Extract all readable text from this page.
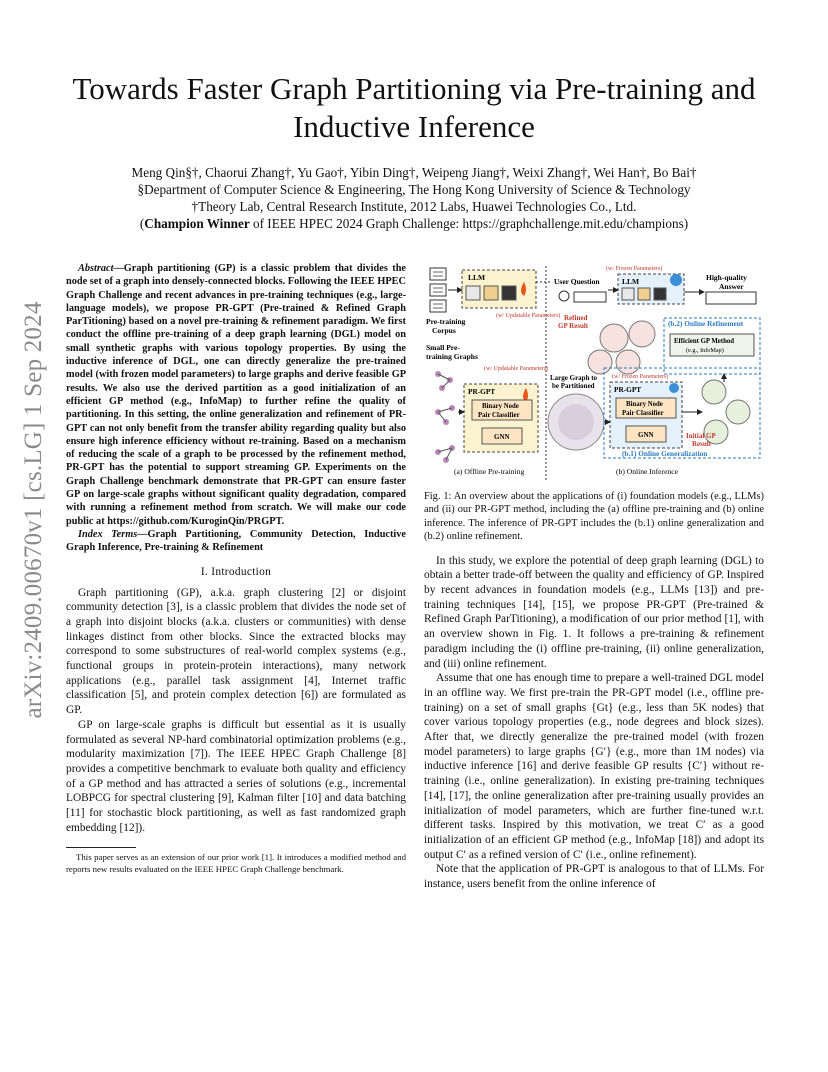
arXiv:2409.00670v1 [cs.LG] 1 Sep 2024
Towards Faster Graph Partitioning via Pre-training and Inductive Inference
Meng Qin§†, Chaorui Zhang†, Yu Gao†, Yibin Ding†, Weipeng Jiang†, Weixi Zhang†, Wei Han†, Bo Bai†
§Department of Computer Science & Engineering, The Hong Kong University of Science & Technology
†Theory Lab, Central Research Institute, 2012 Labs, Huawei Technologies Co., Ltd.
(Champion Winner of IEEE HPEC 2024 Graph Challenge: https://graphchallenge.mit.edu/champions)

Abstract—Graph partitioning (GP) is a classic problem that divides the node set of a graph into densely-connected blocks. Following the IEEE HPEC Graph Challenge and recent advances in pre-training techniques (e.g., large-language models), we propose PR-GPT (Pre-trained & Refined Graph ParTitioning) based on a novel pre-training & refinement paradigm. We first conduct the offline pre-training of a deep graph learning (DGL) model on small synthetic graphs with various topology properties. By using the inductive inference of DGL, one can directly generalize the pre-trained model (with frozen model parameters) to large graphs and derive feasible GP results. We also use the derived partition as a good initialization of an efficient GP method (e.g., InfoMap) to further refine the quality of partitioning. In this setting, the online generalization and refinement of PR-GPT can not only benefit from the transfer ability regarding quality but also ensure high inference efficiency without re-training. Based on a mechanism of reducing the scale of a graph to be processed by the refinement method, PR-GPT has the potential to support streaming GP. Experiments on the Graph Challenge benchmark demonstrate that PR-GPT can ensure faster GP on large-scale graphs without significant quality degradation, compared with running a refinement method from scratch. We will make our code public at https://github.com/KuroginQin/PRGPT.

Index Terms—Graph Partitioning, Community Detection, Inductive Graph Inference, Pre-training & Refinement

I. Introduction

Graph partitioning (GP), a.k.a. graph clustering [2] or disjoint community detection [3], is a classic problem that divides the node set of a graph into disjoint blocks (a.k.a. clusters or communities) with dense linkages distinct from other blocks. Since the extracted blocks may correspond to some substructures of real-world complex systems (e.g., functional groups in protein-protein interactions), many network applications (e.g., parallel task assignment [4], Internet traffic classification [5], and protein complex detection [6]) are formulated as GP.

GP on large-scale graphs is difficult but essential as it is usually formulated as several NP-hard combinatorial optimization problems (e.g., modularity maximization [7]). The IEEE HPEC Graph Challenge [8] provides a competitive benchmark to evaluate both quality and efficiency of a GP method and has attracted a series of solutions (e.g., incremental LOBPCG for spectral clustering [9], Kalman filter [10] and data batching [11] for stochastic block partitioning, as well as fast randomized graph embedding [12]).

This paper serves as an extension of our prior work [1]. It introduces a modified method and reports new results evaluated on the IEEE HPEC Graph Challenge benchmark.

Pre-training
Corpus
LLM
(w/ Updatable Parameters)
(w/ Frozen Parameters)
LLM
User Question	High-quality
Answer
Refined
GP Result	(b.2) Online Refinement
Efficient GP Method
(e.g., InfoMap)
Small Pre-
training Graphs
(w/ Updatable Parameters)
PR-GPT
Binary Node
Pair Classifier
GNN
Large Graph to
be Partitioned
(w/ Frozen Parameters)
PR-GPT
Binary Node
Pair Classifier
GNN	Initial GP
Result
(b.1) Online Generalization
(a) Offline Pre-training	(b) Online Inference

Fig. 1: An overview about the applications of (i) foundation models (e.g., LLMs) and (ii) our PR-GPT method, including the (a) offline pre-training and (b) online inference. The inference of PR-GPT includes the (b.1) online generalization and (b.2) online refinement.

In this study, we explore the potential of deep graph learning (DGL) to obtain a better trade-off between the quality and efficiency of GP. Inspired by recent advances in foundation models (e.g., LLMs [13]) and pre-training techniques [14], [15], we propose PR-GPT (Pre-trained & Refined Graph ParTitioning), a modification of our prior method [1], with an overview shown in Fig. 1. It follows a pre-training & refinement paradigm including the (i) offline pre-training, (ii) online generalization, and (iii) online refinement.

Assume that one has enough time to prepare a well-trained DGL model in an offline way. We first pre-train the PR-GPT model (i.e., offline pre-training) on a set of small graphs {Gt} (e.g., less than 5K nodes) that cover various topology properties (e.g., node degrees and block sizes). After that, we directly generalize the pre-trained model (with frozen model parameters) to large graphs {G′} (e.g., more than 1M nodes) via inductive inference [16] and derive feasible GP results {C′} without re-training (i.e., online generalization). In existing pre-training techniques [14], [17], the online generalization after pre-training usually provides an initialization of model parameters, which are further fine-tuned w.r.t. different tasks. Inspired by this motivation, we treat C′ as a good initialization of an efficient GP method (e.g., InfoMap [18]) and adopt its output C′ as a refined version of C′ (i.e., online refinement).

Note that the application of PR-GPT is analogous to that of LLMs. For instance, users benefit from the online inference of
